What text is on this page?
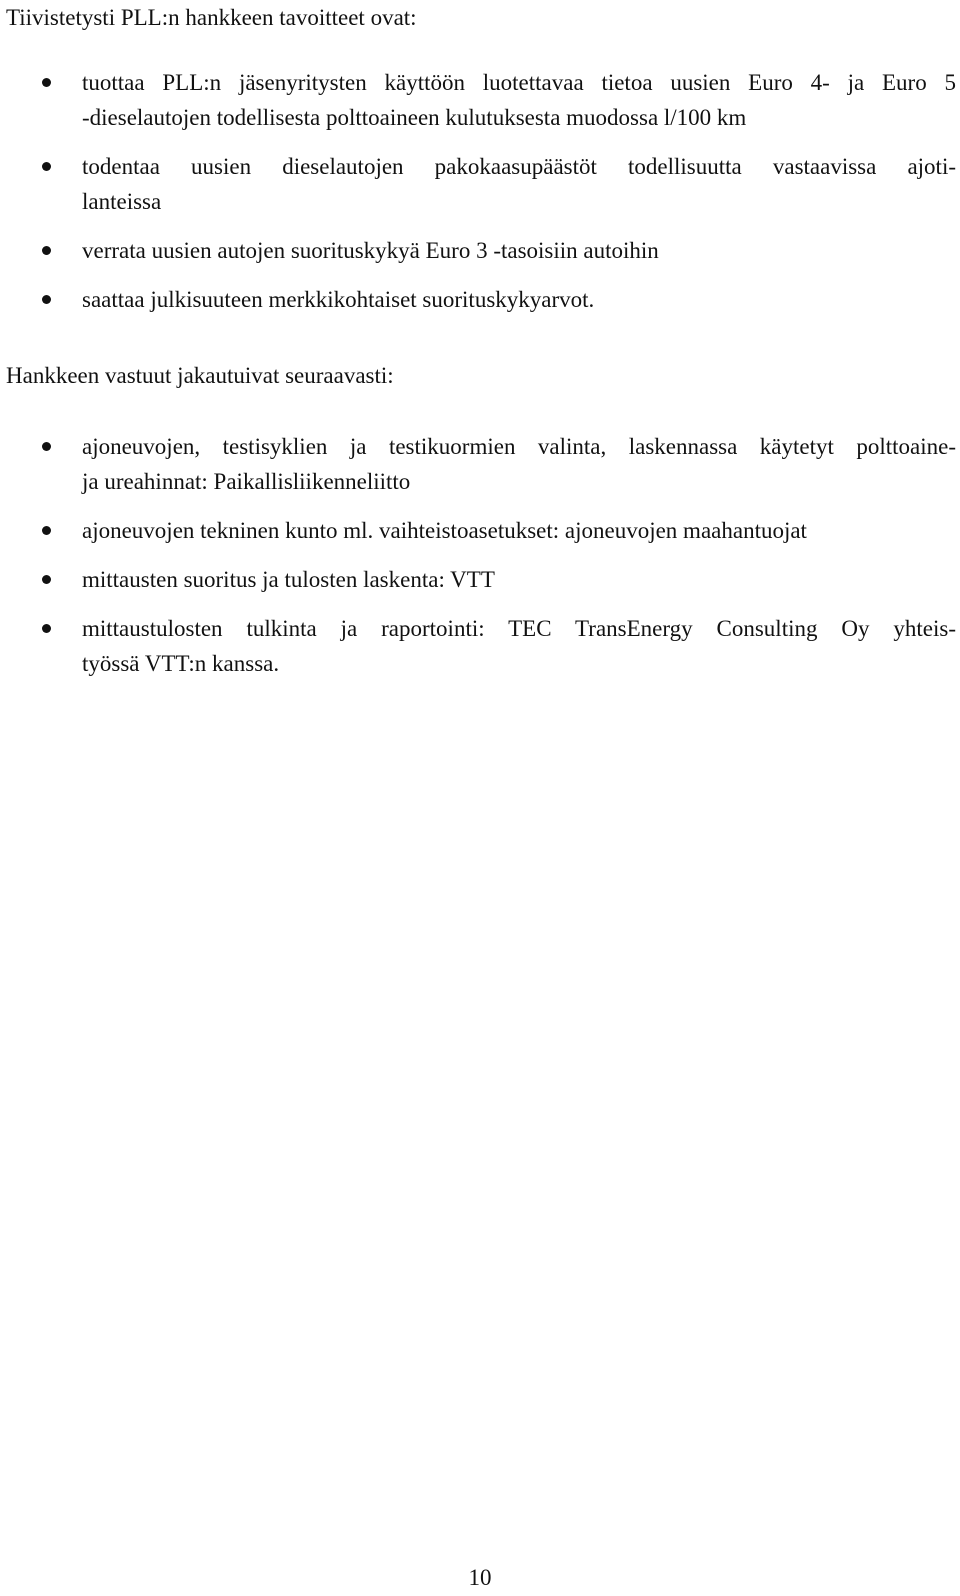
Tiivistetysti PLL:n hankkeen tavoitteet ovat:

tuottaa PLL:n jäsenyritysten käyttöön luotettavaa tietoa uusien Euro 4- ja Euro 5
-dieselautojen todellisesta polttoaineen kulutuksesta muodossa l/100 km
todentaa uusien dieselautojen pakokaasupäästöt todellisuutta vastaavissa ajoti-
lanteissa
verrata uusien autojen suorituskykyä Euro 3 -tasoisiin autoihin
saattaa julkisuuteen merkkikohtaiset suorituskykyarvot.

Hankkeen vastuut jakautuivat seuraavasti:

ajoneuvojen, testisyklien ja testikuormien valinta, laskennassa käytetyt polttoaine-
ja ureahinnat: Paikallisliikenneliitto
ajoneuvojen tekninen kunto ml. vaihteistoasetukset: ajoneuvojen maahantuojat
mittausten suoritus ja tulosten laskenta: VTT
mittaustulosten tulkinta ja raportointi: TEC TransEnergy Consulting Oy yhteis-
työssä VTT:n kanssa.

10
